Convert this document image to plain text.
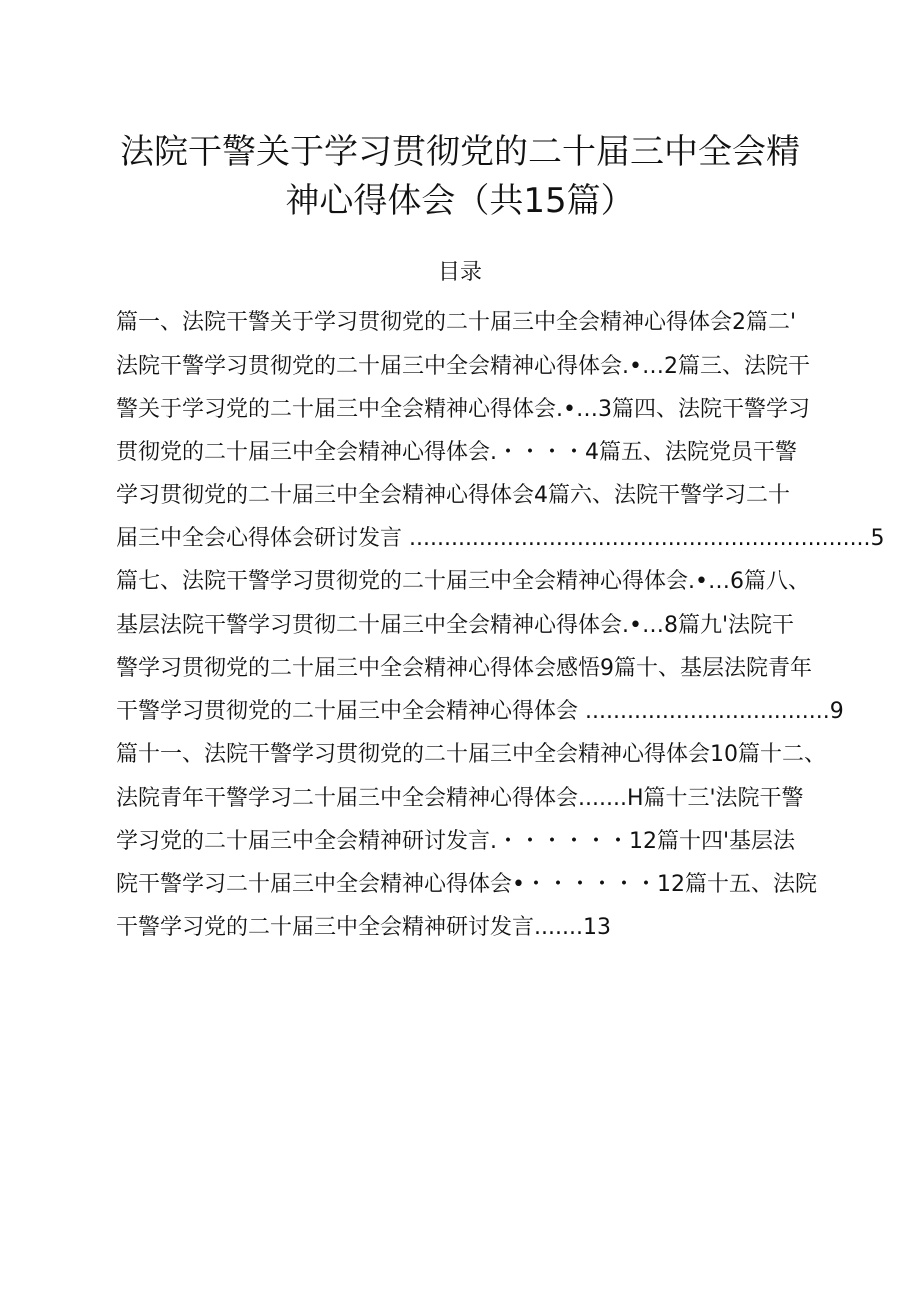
法院干警关于学习贯彻党的二十届三中全会精
神心得体会（共15篇）
目录
篇一、法院干警关于学习贯彻党的二十届三中全会精神心得体会2篇二'
法院干警学习贯彻党的二十届三中全会精神心得体会.•…2篇三、法院干
警关于学习党的二十届三中全会精神心得体会.•…3篇四、法院干警学习
贯彻党的二十届三中全会精神心得体会.・・・・4篇五、法院党员干警
学习贯彻党的二十届三中全会精神心得体会4篇六、法院干警学习二十
届三中全会心得体会研讨发言 ..................................................................5
篇七、法院干警学习贯彻党的二十届三中全会精神心得体会.•…6篇八、
基层法院干警学习贯彻二十届三中全会精神心得体会.•…8篇九'法院干
警学习贯彻党的二十届三中全会精神心得体会感悟9篇十、基层法院青年
干警学习贯彻党的二十届三中全会精神心得体会 ...................................9
篇十一、法院干警学习贯彻党的二十届三中全会精神心得体会10篇十二、
法院青年干警学习二十届三中全会精神心得体会.......H篇十三'法院干警
学习党的二十届三中全会精神研讨发言.・・・・・・12篇十四'基层法
院干警学习二十届三中全会精神心得体会•・・・・・・12篇十五、法院
干警学习党的二十届三中全会精神研讨发言.......13
